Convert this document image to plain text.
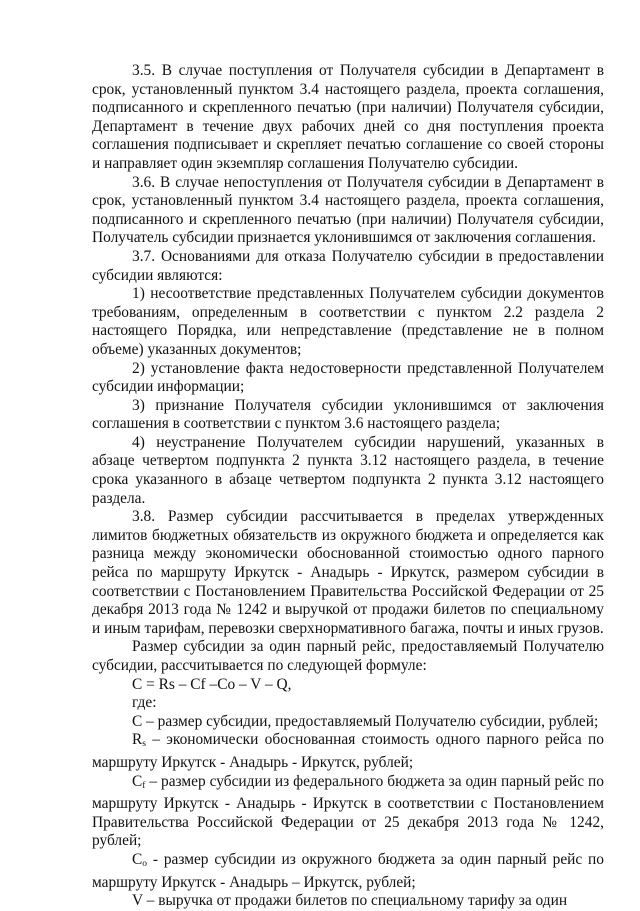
3.5. В случае поступления от Получателя субсидии в Департамент в срок, установленный пунктом 3.4 настоящего раздела, проекта соглашения, подписанного и скрепленного печатью (при наличии) Получателя субсидии, Департамент в течение двух рабочих дней со дня поступления проекта соглашения подписывает и скрепляет печатью соглашение со своей стороны и направляет один экземпляр соглашения Получателю субсидии.

3.6. В случае непоступления от Получателя субсидии в Департамент в срок, установленный пунктом 3.4 настоящего раздела, проекта соглашения, подписанного и скрепленного печатью (при наличии) Получателя субсидии, Получатель субсидии признается уклонившимся от заключения соглашения.

3.7. Основаниями для отказа Получателю субсидии в предоставлении субсидии являются:

1) несоответствие представленных Получателем субсидии документов требованиям, определенным в соответствии с пунктом 2.2 раздела 2 настоящего Порядка, или непредставление (представление не в полном объеме) указанных документов;

2) установление факта недостоверности представленной Получателем субсидии информации;

3) признание Получателя субсидии уклонившимся от заключения соглашения в соответствии с пунктом 3.6 настоящего раздела;

4) неустранение Получателем субсидии нарушений, указанных в абзаце четвертом подпункта 2 пункта 3.12 настоящего раздела, в течение срока указанного в абзаце четвертом подпункта 2 пункта 3.12 настоящего раздела.

3.8. Размер субсидии рассчитывается в пределах утвержденных лимитов бюджетных обязательств из окружного бюджета и определяется как разница между экономически обоснованной стоимостью одного парного рейса по маршруту Иркутск - Анадырь - Иркутск, размером субсидии в соответствии с Постановлением Правительства Российской Федерации от 25 декабря 2013 года № 1242 и выручкой от продажи билетов по специальному и иным тарифам, перевозки сверхнормативного багажа, почты и иных грузов.

Размер субсидии за один парный рейс, предоставляемый Получателю субсидии, рассчитывается по следующей формуле:

C = Rs – Cf –Co – V – Q,

где:

С – размер субсидии, предоставляемый Получателю субсидии, рублей;

$R_s$ – экономически обоснованная стоимость одного парного рейса по маршруту Иркутск - Анадырь - Иркутск, рублей;

$С_f$ – размер субсидии из федерального бюджета за один парный рейс по маршруту Иркутск - Анадырь - Иркутск в соответствии с Постановлением Правительства Российской Федерации от 25 декабря 2013 года № 1242, рублей;

$С_o$ - размер субсидии из окружного бюджета за один парный рейс по маршруту Иркутск - Анадырь – Иркутск, рублей;

V – выручка от продажи билетов по специальному тарифу за один
